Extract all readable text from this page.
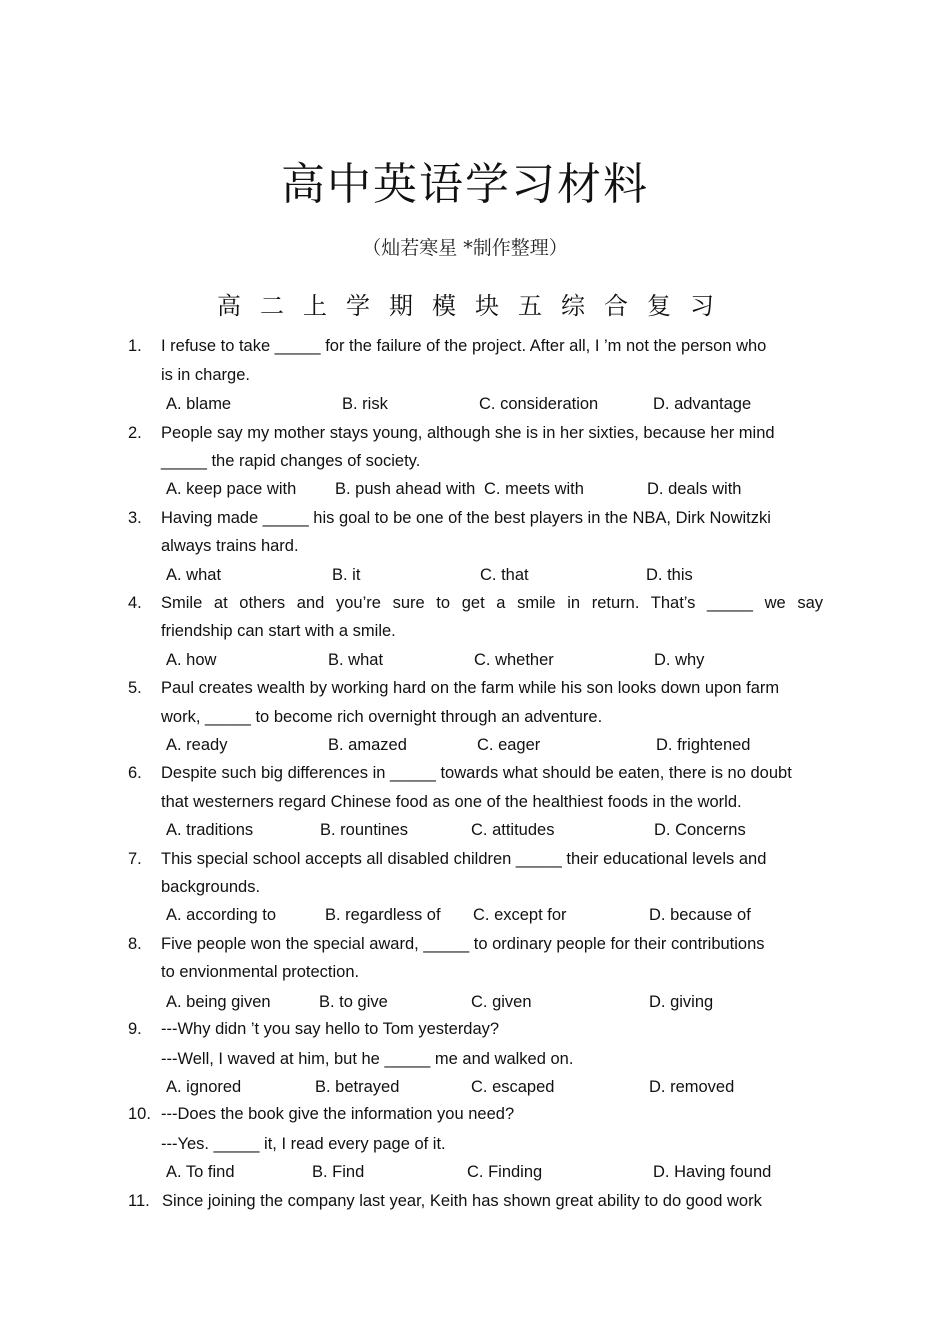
高中英语学习材料
（灿若寒星 *制作整理）
高二上学期模块五综合复习
1. I refuse to take _____ for the failure of the project. After all, I ’m not the person who
is in charge.
A. blame	B. risk	C. consideration	D. advantage
2. People say my mother stays young, although she is in her sixties, because her mind
_____ the rapid changes of society.
A. keep pace with B. push ahead with C. meets with	D. deals with
3. Having made _____ his goal to be one of the best players in the NBA, Dirk Nowitzki
always trains hard.
A. what	B. it	C. that	D. this
4. Smile at others and you’re sure to get a smile in return. That’s _____ we say
friendship can start with a smile.
A. how	B. what	C. whether	D. why
5. Paul creates wealth by working hard on the farm while his son looks down upon farm
work, _____ to become rich overnight through an adventure.
A. ready	B. amazed	C. eager	D. frightened
6. Despite such big differences in _____ towards what should be eaten, there is no doubt
that westerners regard Chinese food as one of the healthiest foods in the world.
A. traditions	B. rountines	C. attitudes	D. Concerns
7. This special school accepts all disabled children _____ their educational levels and
backgrounds.
A. according to	B. regardless of C. except for	D. because of
8. Five people won the special award, _____ to ordinary people for their contributions
to envionmental protection.
A. being given	B. to give	C. given	D. giving
9. ---Why didn ’t you say hello to Tom yesterday?
---Well, I waved at him, but he _____ me and walked on.
A. ignored	B. betrayed	C. escaped	D. removed
10. ---Does the book give the information you need?
---Yes. _____ it, I read every page of it.
A. To find	B. Find	C. Finding	D. Having found
11. Since joining the company last year, Keith has shown great ability to do good work
